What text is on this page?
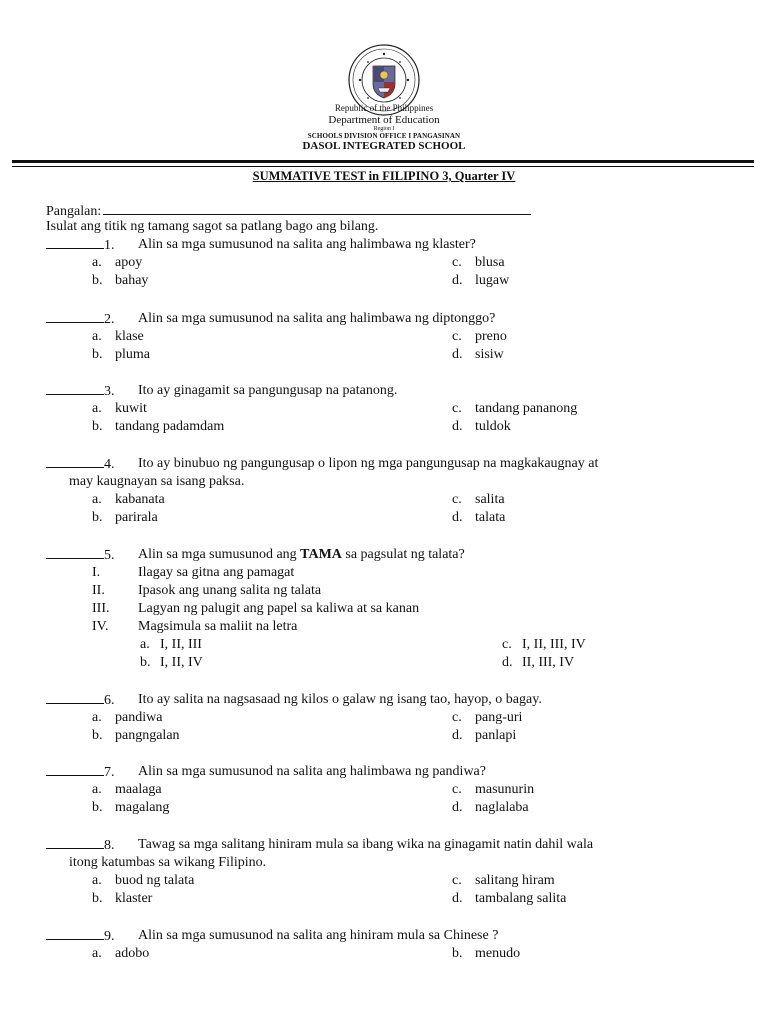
Republic of the Philippines
Department of Education
Region I
SCHOOLS DIVISION OFFICE I PANGASINAN
DASOL INTEGRATED SCHOOL
SUMMATIVE TEST in FILIPINO 3, Quarter IV
Pangalan:
Isulat ang titik ng tamang sagot sa patlang bago ang bilang.
1. Alin sa mga sumusunod na salita ang halimbawa ng klaster?
a. apoy
b. bahay
c. blusa
d. lugaw
2. Alin sa mga sumusunod na salita ang halimbawa ng diptonggo?
a. klase
b. pluma
c. preno
d. sisiw
3. Ito ay ginagamit sa pangungusap na patanong.
a. kuwit
b. tandang padamdam
c. tandang pananong
d. tuldok
4. Ito ay binubuo ng pangungusap o lipon ng mga pangungusap na magkakaugnay at
may kaugnayan sa isang paksa.
a. kabanata
b. parirala
c. salita
d. talata
5. Alin sa mga sumusunod ang TAMA sa pagsulat ng talata?
I.	Ilagay sa gitna ang pamagat
II. Ipasok ang unang salita ng talata
III. Lagyan ng palugit ang papel sa kaliwa at sa kanan
IV. Magsimula sa maliit na letra
a. I, II, III
b. I, II, IV
c. I, II, III, IV
d. II, III, IV
6. Ito ay salita na nagsasaad ng kilos o galaw ng isang tao, hayop, o bagay.
a. pandiwa
b. pangngalan
c. pang-uri
d. panlapi
7. Alin sa mga sumusunod na salita ang halimbawa ng pandiwa?
a. maalaga
b. magalang
c. masunurin
d. naglalaba
8. Tawag sa mga salitang hiniram mula sa ibang wika na ginagamit natin dahil wala
itong katumbas sa wikang Filipino.
a. buod ng talata
b. klaster
c. salitang hiram
d. tambalang salita
9. Alin sa mga sumusunod na salita ang hiniram mula sa Chinese ?
a. adobo	b. menudo
